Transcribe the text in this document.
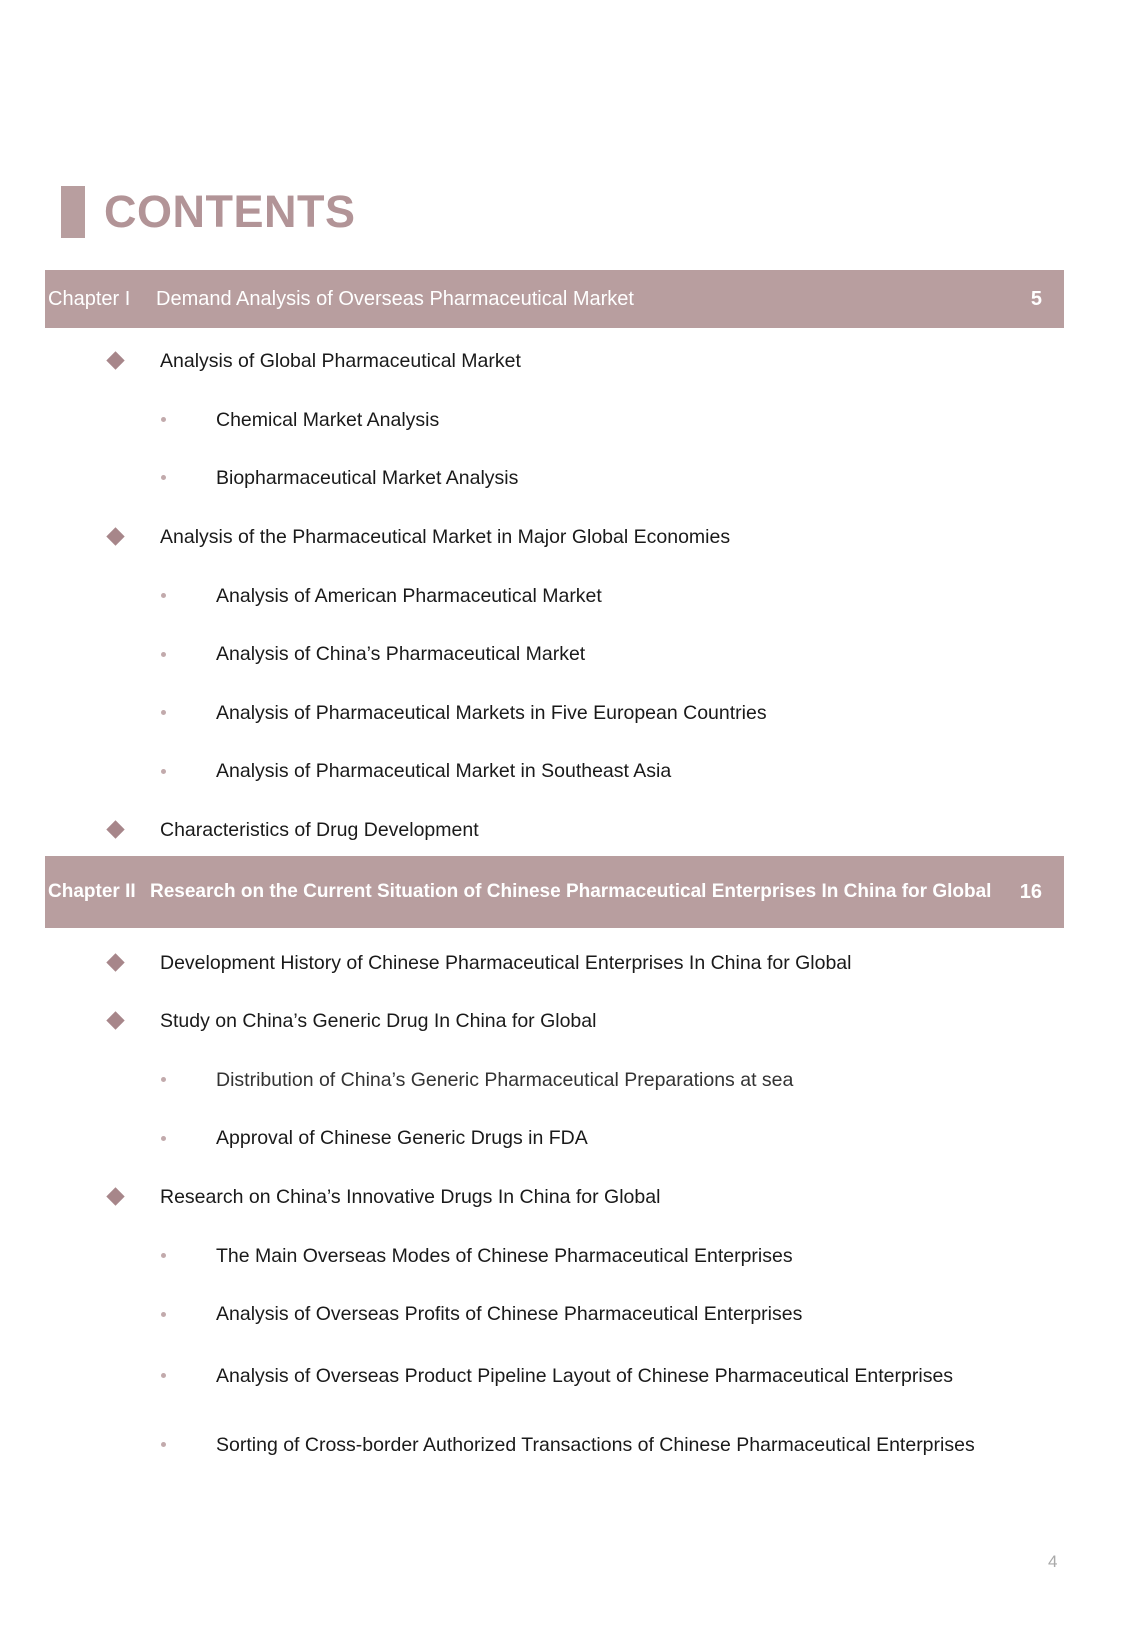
CONTENTS
Chapter I Demand Analysis of Overseas Pharmaceutical Market	5
Analysis of Global Pharmaceutical Market
Chemical Market Analysis
Biopharmaceutical Market Analysis
Analysis of the Pharmaceutical Market in Major Global Economies
Analysis of American Pharmaceutical Market
Analysis of China’s Pharmaceutical Market
Analysis of Pharmaceutical Markets in Five European Countries
Analysis of Pharmaceutical Market in Southeast Asia
Characteristics of Drug Development
Chapter II Research on the Current Situation of Chinese Pharmaceutical Enterprises In China for Global 16
Development History of Chinese Pharmaceutical Enterprises In China for Global
Study on China’s Generic Drug In China for Global
Distribution of China’s Generic Pharmaceutical Preparations at sea
Approval of Chinese Generic Drugs in FDA
Research on China’s Innovative Drugs In China for Global
The Main Overseas Modes of Chinese Pharmaceutical Enterprises
Analysis of Overseas Profits of Chinese Pharmaceutical Enterprises
Analysis of Overseas Product Pipeline Layout of Chinese Pharmaceutical Enterprises
Sorting of Cross-border Authorized Transactions of Chinese Pharmaceutical Enterprises
4
